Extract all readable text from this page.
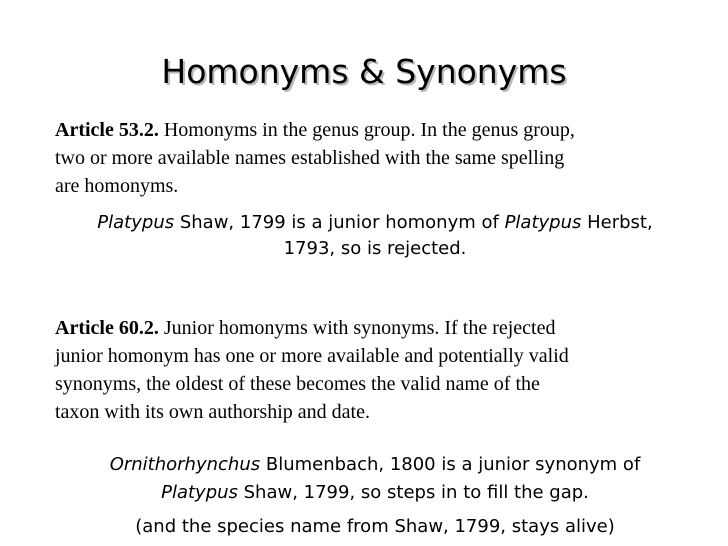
Homonyms & Synonyms
Article 53.2. Homonyms in the genus group. In the genus group,
two or more available names established with the same spelling
are homonyms.
Platypus Shaw, 1799 is a junior homonym of Platypus Herbst,
1793, so is rejected.
Article 60.2. Junior homonyms with synonyms. If the rejected
junior homonym has one or more available and potentially valid
synonyms, the oldest of these becomes the valid name of the
taxon with its own authorship and date.
Ornithorhynchus Blumenbach, 1800 is a junior synonym of
Platypus Shaw, 1799, so steps in to fill the gap.
(and the species name from Shaw, 1799, stays alive)
